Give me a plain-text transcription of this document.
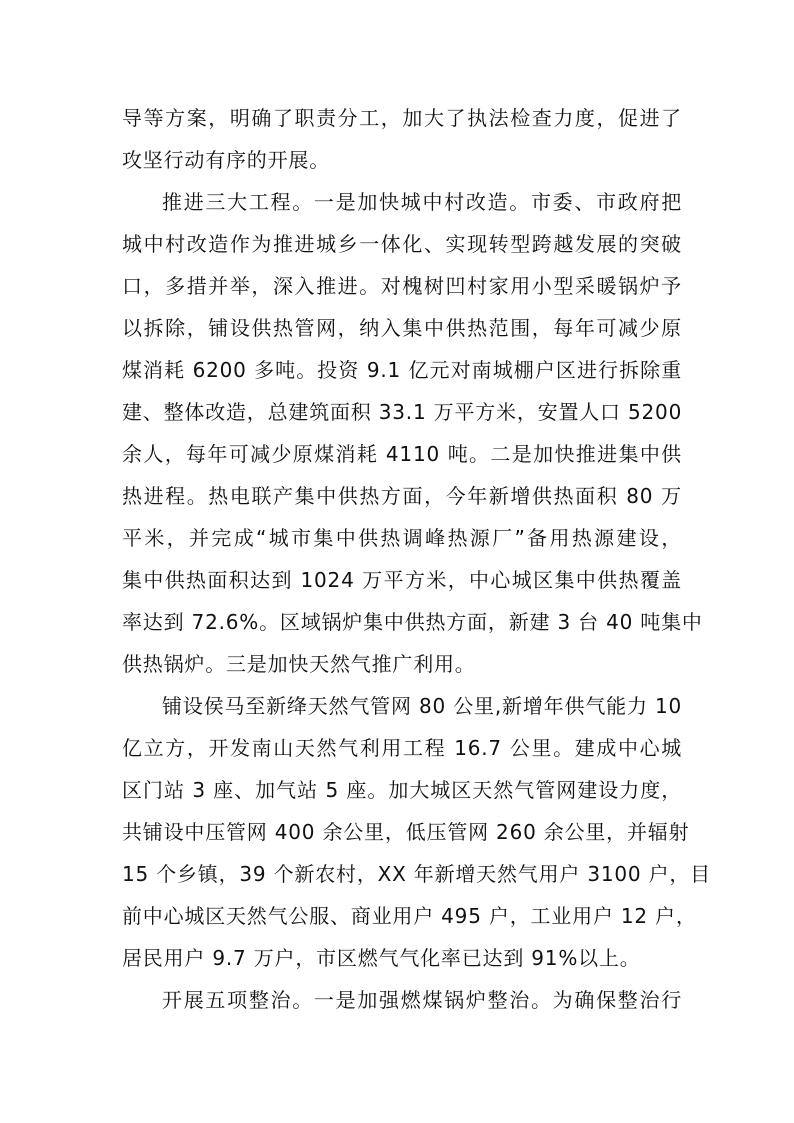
导等方案，明确了职责分工，加大了执法检查力度，促进了
攻坚行动有序的开展。
推进三大工程。一是加快城中村改造。市委、市政府把
城中村改造作为推进城乡一体化、实现转型跨越发展的突破
口，多措并举，深入推进。对槐树凹村家用小型采暖锅炉予
以拆除，铺设供热管网，纳入集中供热范围，每年可减少原
煤消耗 6200 多吨。投资 9.1 亿元对南城棚户区进行拆除重
建、整体改造，总建筑面积 33.1 万平方米，安置人口 5200
余人，每年可减少原煤消耗 4110 吨。二是加快推进集中供
热进程。热电联产集中供热方面，今年新增供热面积 80 万
平米，并完成“城市集中供热调峰热源厂”备用热源建设，
集中供热面积达到 1024 万平方米，中心城区集中供热覆盖
率达到 72.6%。区域锅炉集中供热方面，新建 3 台 40 吨集中
供热锅炉。三是加快天然气推广利用。
铺设侯马至新绛天然气管网 80 公里,新增年供气能力 10
亿立方，开发南山天然气利用工程 16.7 公里。建成中心城
区门站 3 座、加气站 5 座。加大城区天然气管网建设力度，
共铺设中压管网 400 余公里，低压管网 260 余公里，并辐射
15 个乡镇，39 个新农村，XX 年新增天然气用户 3100 户，目
前中心城区天然气公服、商业用户 495 户，工业用户 12 户，
居民用户 9.7 万户，市区燃气气化率已达到 91%以上。
开展五项整治。一是加强燃煤锅炉整治。为确保整治行
